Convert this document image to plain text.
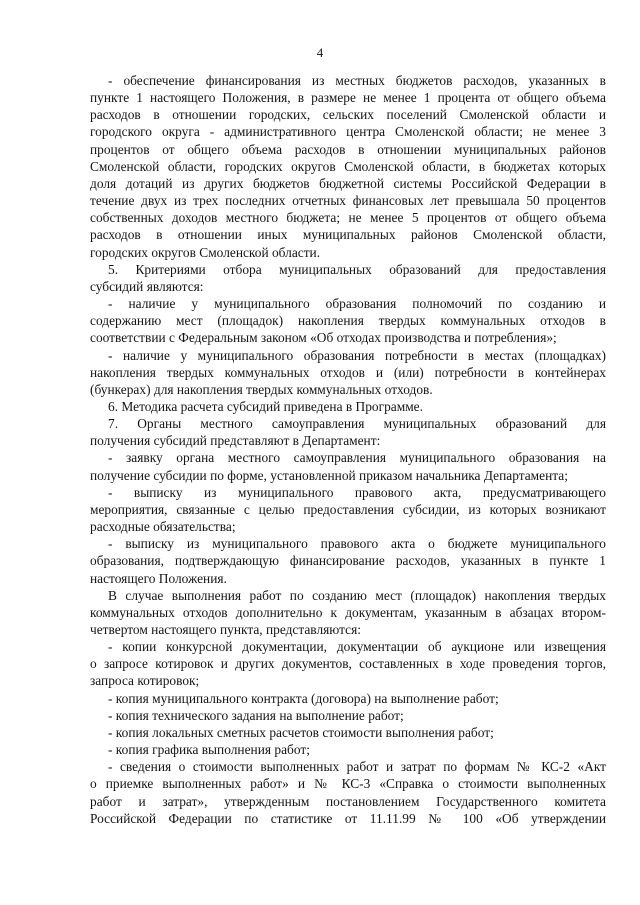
4
- обеспечение финансирования из местных бюджетов расходов, указанных в
пункте 1 настоящего Положения, в размере не менее 1 процента от общего объема
расходов в отношении городских, сельских поселений Смоленской области и
городского округа - административного центра Смоленской области; не менее 3
процентов от общего объема расходов в отношении муниципальных районов
Смоленской области, городских округов Смоленской области, в бюджетах которых
доля дотаций из других бюджетов бюджетной системы Российской Федерации в
течение двух из трех последних отчетных финансовых лет превышала 50 процентов
собственных доходов местного бюджета; не менее 5 процентов от общего объема
расходов в отношении иных муниципальных районов Смоленской области,
городских округов Смоленской области.
5. Критериями отбора муниципальных образований для предоставления
субсидий являются:
- наличие у муниципального образования полномочий по созданию и
содержанию мест (площадок) накопления твердых коммунальных отходов в
соответствии с Федеральным законом «Об отходах производства и потребления»;
- наличие у муниципального образования потребности в местах (площадках)
накопления твердых коммунальных отходов и (или) потребности в контейнерах
(бункерах) для накопления твердых коммунальных отходов.
6. Методика расчета субсидий приведена в Программе.
7. Органы местного самоуправления муниципальных образований для
получения субсидий представляют в Департамент:
- заявку органа местного самоуправления муниципального образования на
получение субсидии по форме, установленной приказом начальника Департамента;
- выписку из муниципального правового акта, предусматривающего
мероприятия, связанные с целью предоставления субсидии, из которых возникают
расходные обязательства;
- выписку из муниципального правового акта о бюджете муниципального
образования, подтверждающую финансирование расходов, указанных в пункте 1
настоящего Положения.
В случае выполнения работ по созданию мест (площадок) накопления твердых
коммунальных отходов дополнительно к документам, указанным в абзацах втором-
четвертом настоящего пункта, представляются:
- копии конкурсной документации, документации об аукционе или извещения
о запросе котировок и других документов, составленных в ходе проведения торгов,
запроса котировок;
- копия муниципального контракта (договора) на выполнение работ;
- копия технического задания на выполнение работ;
- копия локальных сметных расчетов стоимости выполнения работ;
- копия графика выполнения работ;
- сведения о стоимости выполненных работ и затрат по формам № КС-2 «Акт
о приемке выполненных работ» и № КС-3 «Справка о стоимости выполненных
работ и затрат», утвержденным постановлением Государственного комитета
Российской Федерации по статистике от 11.11.99 № 100 «Об утверждении
